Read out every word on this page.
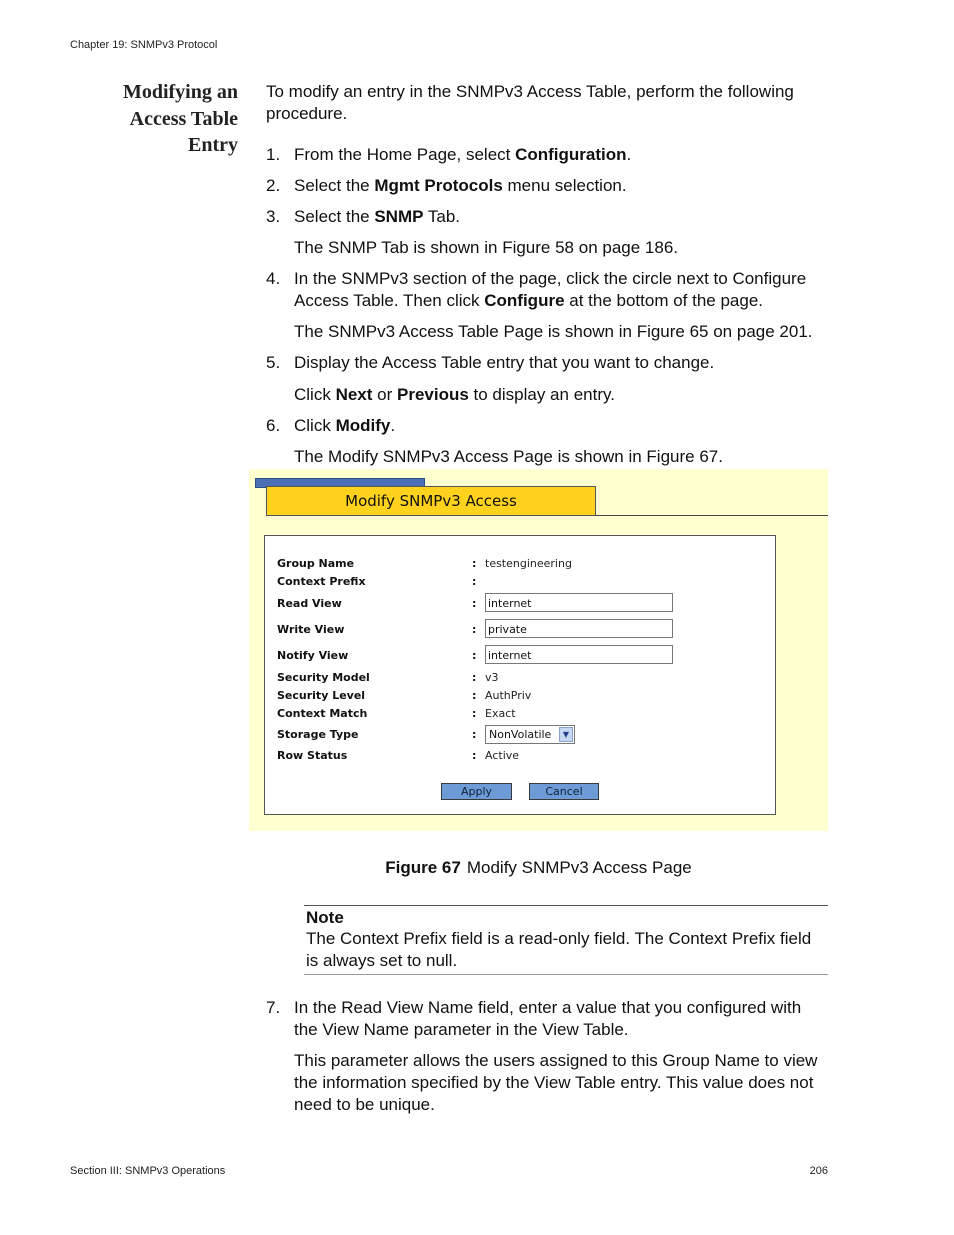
Chapter 19: SNMPv3 Protocol
Modifying an
Access Table
Entry
To modify an entry in the SNMPv3 Access Table, perform the following procedure.
1. From the Home Page, select Configuration.
2. Select the Mgmt Protocols menu selection.
3. Select the SNMP Tab.
The SNMP Tab is shown in Figure 58 on page 186.
4. In the SNMPv3 section of the page, click the circle next to Configure Access Table. Then click Configure at the bottom of the page.
The SNMPv3 Access Table Page is shown in Figure 65 on page 201.
5. Display the Access Table entry that you want to change.
Click Next or Previous to display an entry.
6. Click Modify.
The Modify SNMPv3 Access Page is shown in Figure 67.
Modify SNMPv3 Access
Group Name	: testengineering
Context Prefix	:
Read View	: internet
Write View	: private
Notify View	: internet
Security Model	: v3
Security Level	: AuthPriv
Context Match	: Exact
Storage Type	:	NonVolatile	▼
Row Status	: Active
Apply	Cancel
Figure 67 Modify SNMPv3 Access Page
Note
The Context Prefix field is a read-only field. The Context Prefix field is always set to null.
7. In the Read View Name field, enter a value that you configured with the View Name parameter in the View Table.
This parameter allows the users assigned to this Group Name to view the information specified by the View Table entry. This value does not need to be unique.
Section III: SNMPv3 Operations	206
